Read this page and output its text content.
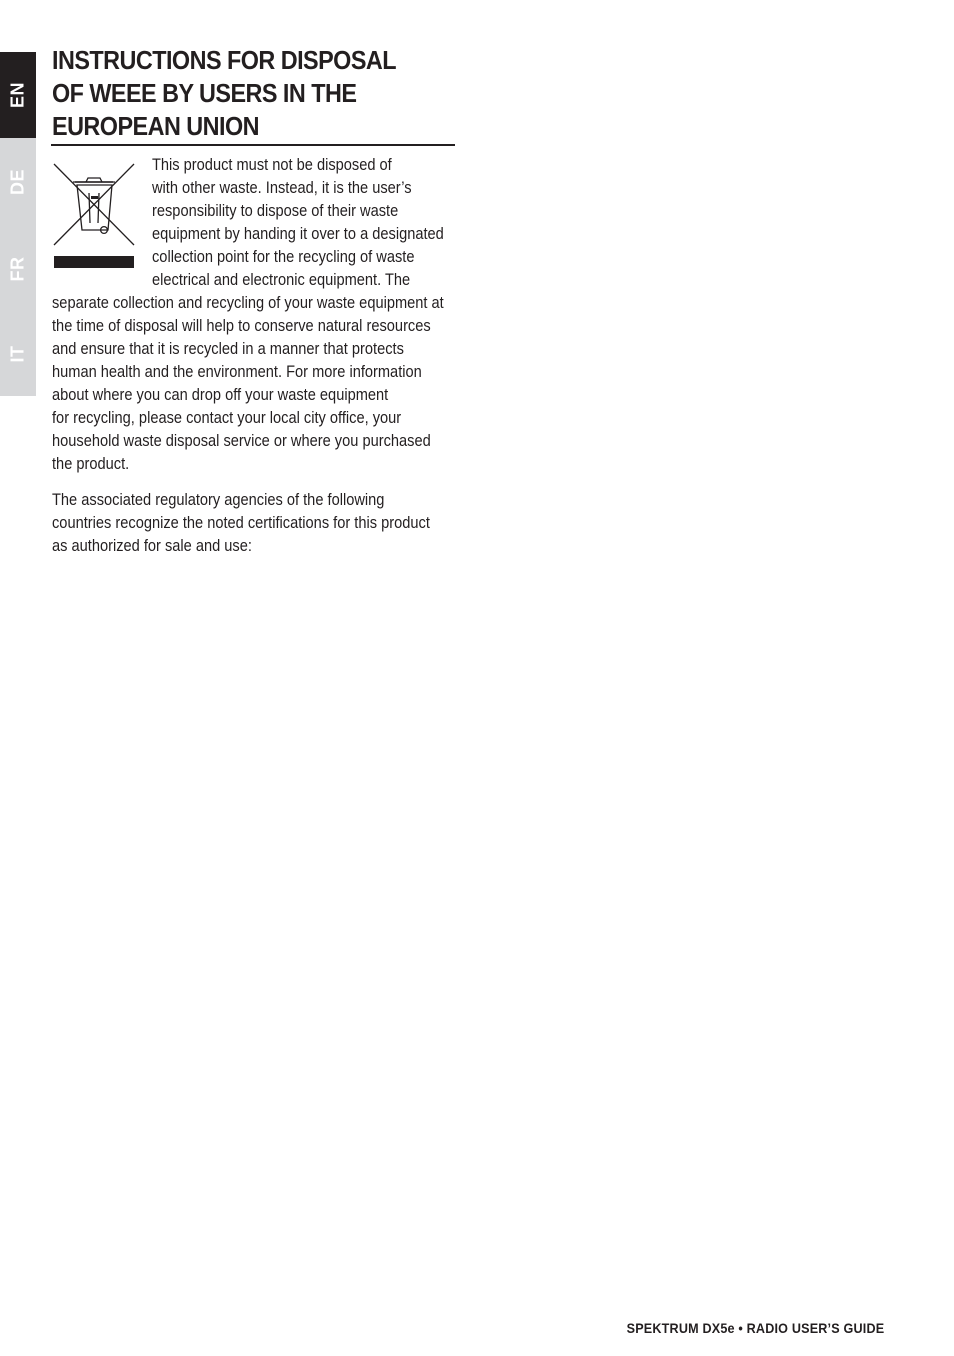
EN
DE
FR
IT
INSTRUCTIONS FOR DISPOSAL
OF WEEE BY USERS IN THE
EUROPEAN UNION
This product must not be disposed of
with other waste. Instead, it is the user’s
responsibility to dispose of their waste
equipment by handing it over to a designated
collection point for the recycling of waste
electrical and electronic equipment. The
separate collection and recycling of your waste equipment at
the time of disposal will help to conserve natural resources
and ensure that it is recycled in a manner that protects
human health and the environment. For more information
about where you can drop off your waste equipment
for recycling, please contact your local city office, your
household waste disposal service or where you purchased
the product.
The associated regulatory agencies of the following
countries recognize the noted certifications for this product
as authorized for sale and use:
SPEKTRUM DX5e • RADIO USER’S GUIDE
